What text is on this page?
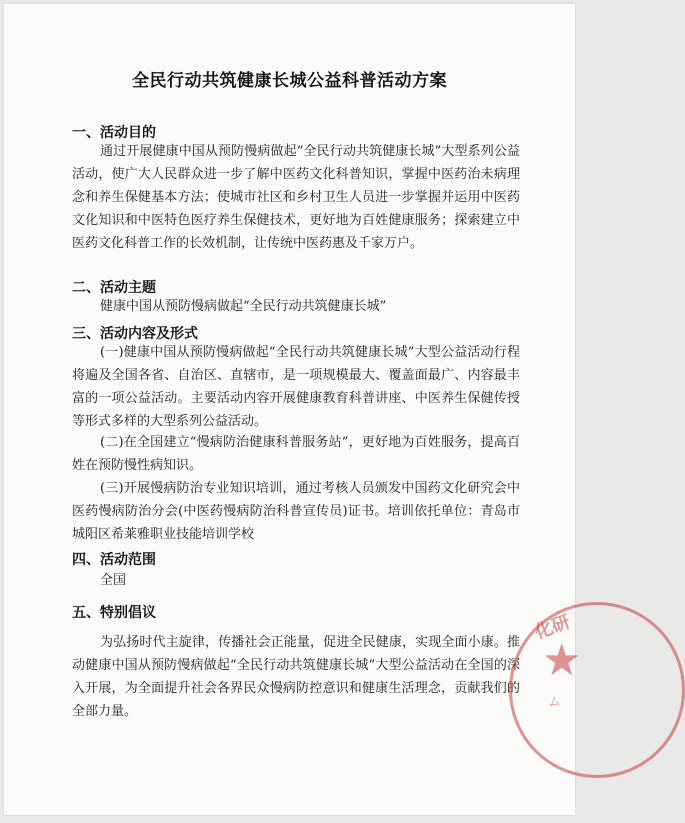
全民行动共筑健康长城公益科普活动方案
一、活动目的
通过开展健康中国从预防慢病做起“全民行动共筑健康长城”大型系列公益活动，使广大人民群众进一步了解中医药文化科普知识，掌握中医药治未病理念和养生保健基本方法；使城市社区和乡村卫生人员进一步掌握并运用中医药文化知识和中医特色医疗养生保健技术，更好地为百姓健康服务；探索建立中医药文化科普工作的长效机制，让传统中医药惠及千家万户。
二、活动主题
健康中国从预防慢病做起“全民行动共筑健康长城”
三、活动内容及形式
(一)健康中国从预防慢病做起“全民行动共筑健康长城”大型公益活动行程将遍及全国各省、自治区、直辖市，是一项规模最大、覆盖面最广、内容最丰富的一项公益活动。主要活动内容开展健康教育科普讲座、中医养生保健传授等形式多样的大型系列公益活动。
(二)在全国建立“慢病防治健康科普服务站”，更好地为百姓服务，提高百姓在预防慢性病知识。
(三)开展慢病防治专业知识培训，通过考核人员颁发中国药文化研究会中医药慢病防治分会(中医药慢病防治科普宣传员)证书。培训依托单位：青岛市城阳区希莱雅职业技能培训学校
四、活动范围
全国
五、特别倡议
为弘扬时代主旋律，传播社会正能量，促进全民健康，实现全面小康。推动健康中国从预防慢病做起“全民行动共筑健康长城”大型公益活动在全国的深入开展，为全面提升社会各界民众慢病防控意识和健康生活理念，贡献我们的全部力量。
化研
★
ム
